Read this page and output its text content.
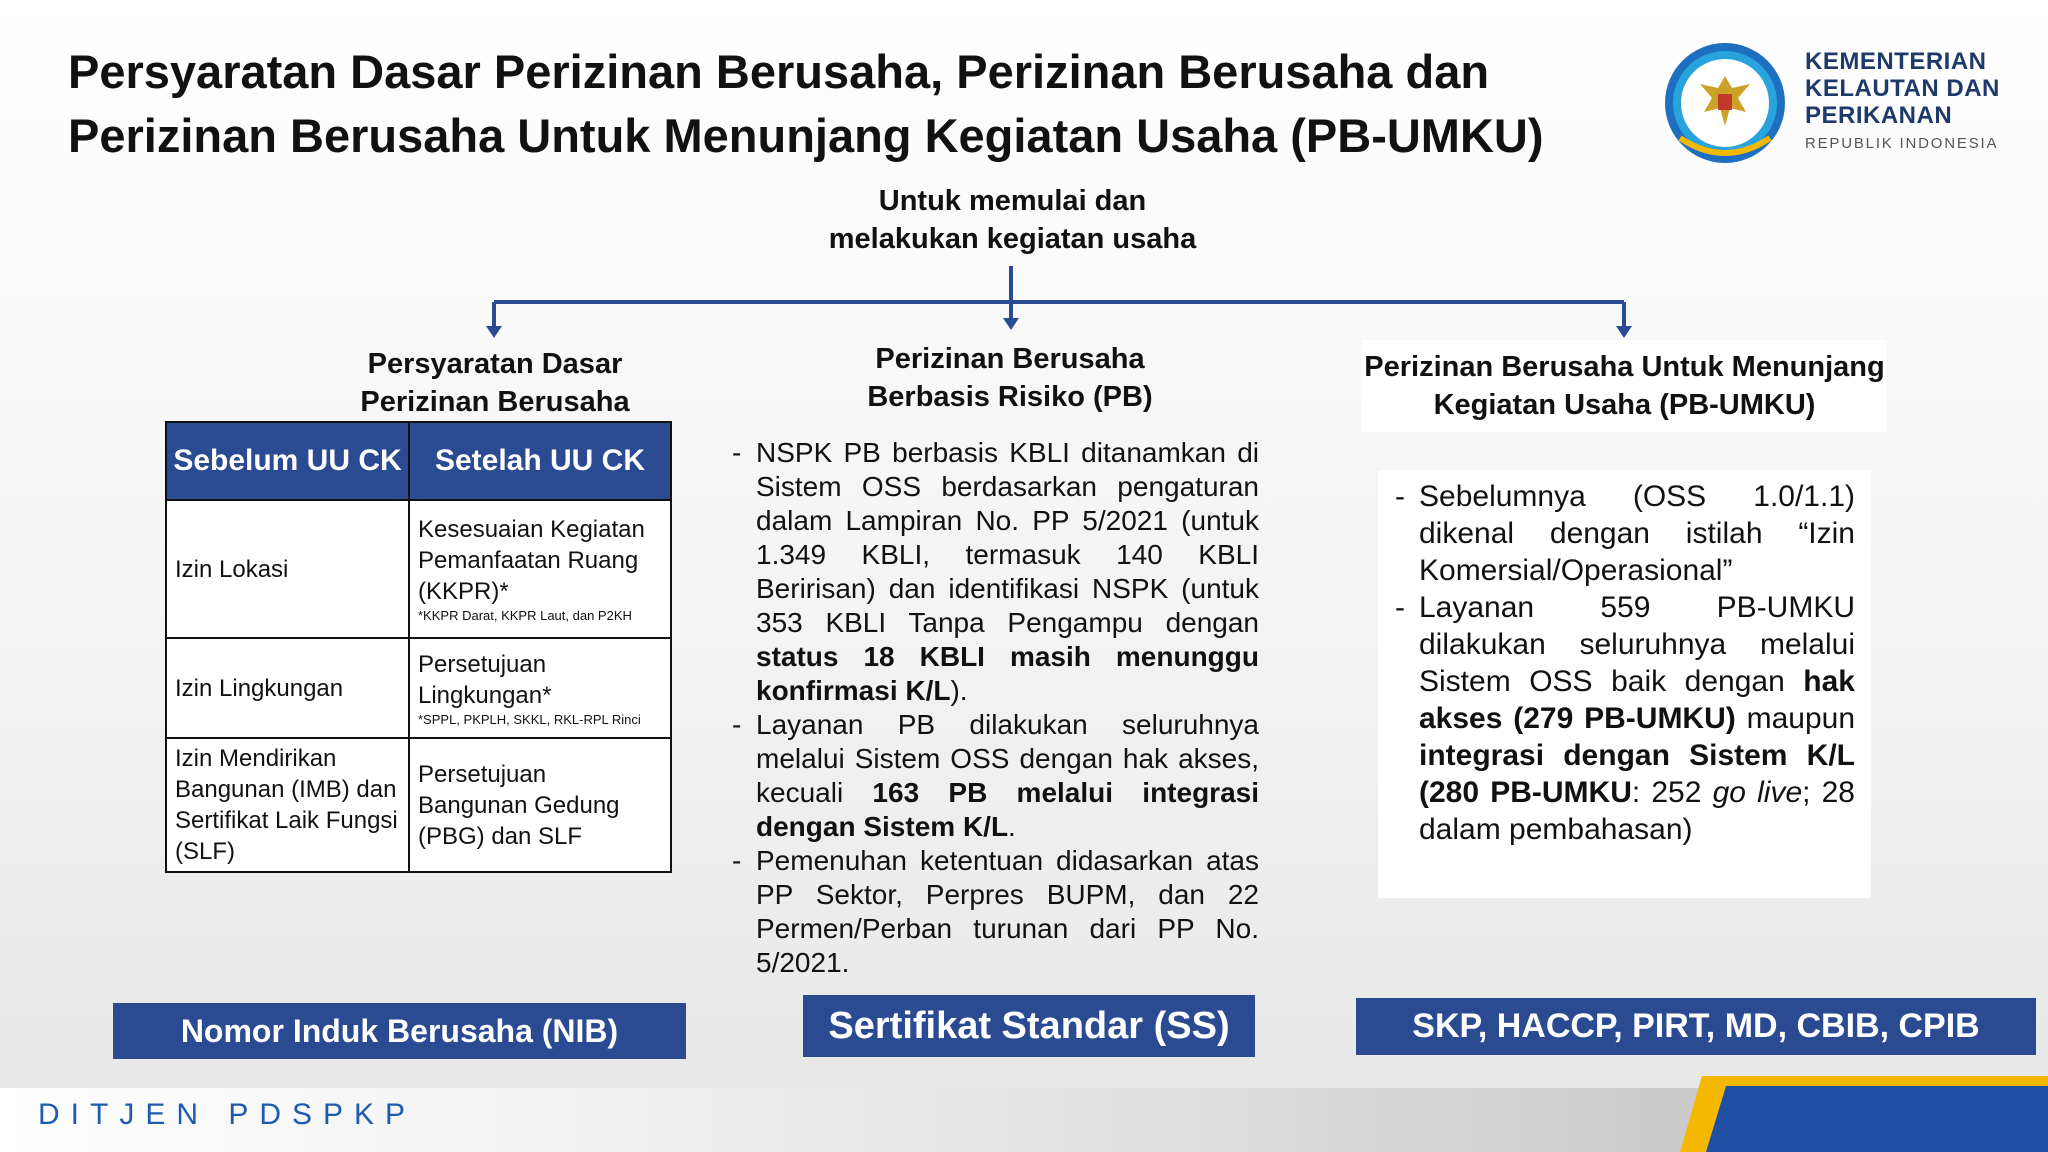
Persyaratan Dasar Perizinan Berusaha, Perizinan Berusaha dan
Perizinan Berusaha Untuk Menunjang Kegiatan Usaha (PB-UMKU)
KEMENTERIAN
KELAUTAN DAN
PERIKANAN
REPUBLIK INDONESIA
Untuk memulai dan
melakukan kegiatan usaha
Persyaratan Dasar
Perizinan Berusaha
Perizinan Berusaha
Berbasis Risiko (PB)
Perizinan Berusaha Untuk Menunjang Kegiatan Usaha (PB-UMKU)
Sebelum UU CK	Setelah UU CK
Izin Lokasi	Kesesuaian Kegiatan Pemanfaatan Ruang (KKPR)*
*KKPR Darat, KKPR Laut, dan P2KH

Izin Lingkungan	Persetujuan Lingkungan*
*SPPL, PKPLH, SKKL, RKL-RPL Rinci

Izin Mendirikan Bangunan (IMB) dan Sertifikat Laik Fungsi (SLF)	Persetujuan Bangunan Gedung (PBG) dan SLF
- NSPK PB berbasis KBLI ditanamkan di Sistem OSS berdasarkan pengaturan dalam Lampiran No. PP 5/2021 (untuk 1.349 KBLI, termasuk 140 KBLI Beririsan) dan identifikasi NSPK (untuk 353 KBLI Tanpa Pengampu dengan status 18 KBLI masih menunggu konfirmasi K/L).
- Layanan PB dilakukan seluruhnya melalui Sistem OSS dengan hak akses, kecuali 163 PB melalui integrasi dengan Sistem K/L.
- Pemenuhan ketentuan didasarkan atas PP Sektor, Perpres BUPM, dan 22 Permen/Perban turunan dari PP No. 5/2021.
- Sebelumnya (OSS 1.0/1.1) dikenal dengan istilah “Izin Komersial/Operasional”
- Layanan 559 PB-UMKU dilakukan seluruhnya melalui Sistem OSS baik dengan hak akses (279 PB-UMKU) maupun integrasi dengan Sistem K/L (280 PB-UMKU: 252 go live; 28 dalam pembahasan)
Nomor Induk Berusaha (NIB)	Sertifikat Standar (SS)	SKP, HACCP, PIRT, MD, CBIB, CPIB
DITJEN PDSPKP
